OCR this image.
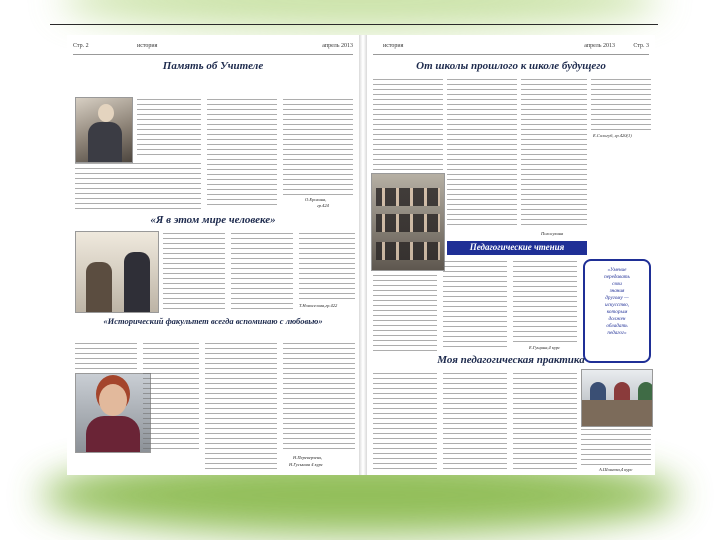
Стр. 2	история	апрель 2013
Память об Учителе
О.Ерохина,
гр.424
«Я в этом мире человеке»
Т.Новоселова,гр.422
«Исторический факультет всегда вспоминаю с любовью»
Н.Переверзева,
Н.Гуськова 4 курс
история	апрель 2013	Стр. 3
От школы прошлого к школе будущего
Е.Сологуб, гр.420(1)
Полосухина
Педагогические чтения
Е.Гущина,4 курс
«Умение
передавать
свои
знания
другому —
искусство,
которым
должен
обладать
педагог»
Моя педагогическая практика
А.Шовгева,4 курс
